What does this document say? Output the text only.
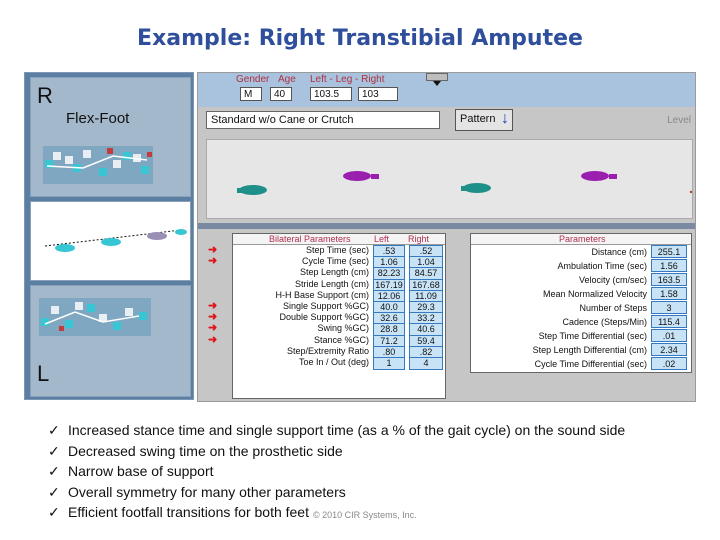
Example: Right Transtibial Amputee
R
L
Flex-Foot
Gender Age Left - Leg - Right
M	40	103.5	103
Standard w/o Cane or Crutch	Pattern ↓	Level
Bilateral Parameters	Left Right
Step Time (sec)	.53	.52
Cycle Time (sec)	1.06	1.04
Step Length (cm) 82.23	84.57
Stride Length (cm) 167.19	167.68
H-H Base Support (cm) 12.06	11.09
Single Support %GC)	40.0	29.3
Double Support %GC)	32.6	33.2
Swing %GC)	28.8	40.6
Stance %GC)	71.2	59.4
Step/Extremity Ratio	.80	.82
Toe In / Out (deg)	1	4
Parameters
Distance (cm)	255.1
Ambulation Time (sec)	1.56
Velocity (cm/sec)	163.5
Mean Normalized Velocity	1.58
Number of Steps	3
Cadence (Steps/Min)	115.4
Step Time Differential (sec)	.01
Step Length Differential (cm)	2.34
Cycle Time Differential (sec)	.02
➜
➜
➜
➜
➜
➜
✓ Increased stance time and single support time (as a % of the gait cycle) on the sound side
✓ Decreased swing time on the prosthetic side
✓ Narrow base of support
✓ Overall symmetry for many other parameters
✓ Efficient footfall transitions for both feet © 2010 CIR Systems, Inc.
